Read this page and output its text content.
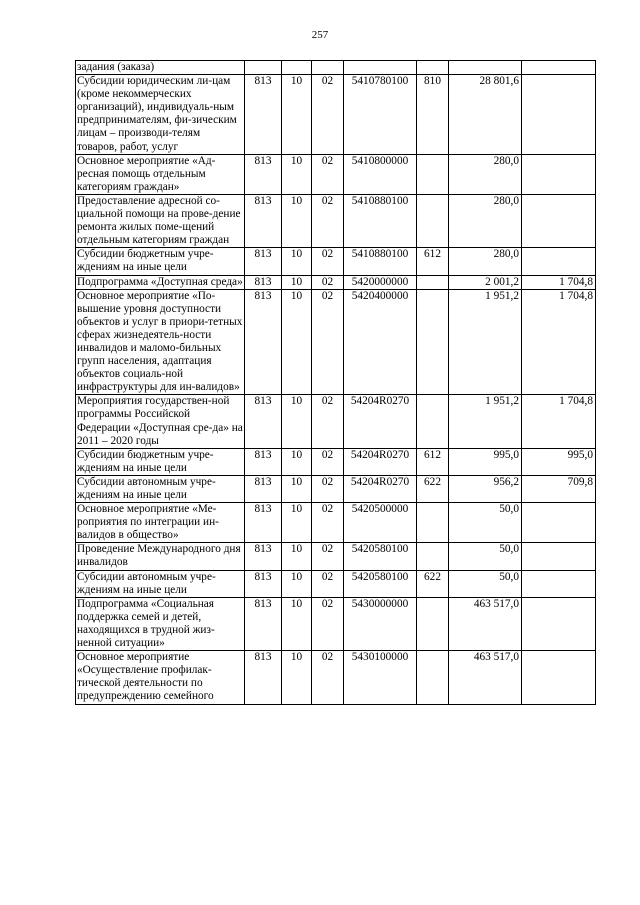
257
задания (заказа)							
Субсидии юридическим ли-цам (кроме некоммерческих организаций), индивидуаль-ным предпринимателям, фи-зическим лицам – производи-телям товаров, работ, услуг	813	10	02	5410780100	810	28 801,6	
Основное мероприятие «Ад-ресная помощь отдельным категориям граждан»	813	10	02	5410800000		280,0	
Предоставление адресной со-циальной помощи на прове-дение ремонта жилых поме-щений отдельным категориям граждан	813	10	02	5410880100		280,0	
Субсидии бюджетным учре-ждениям на иные цели	813	10	02	5410880100	612	280,0	
Подпрограмма «Доступная среда»	813	10	02	5420000000		2 001,2	1 704,8
Основное мероприятие «По-вышение уровня доступности объектов и услуг в приори-тетных сферах жизнедеятель-ности инвалидов и маломо-бильных групп населения, адаптация объектов социаль-ной инфраструктуры для ин-валидов»	813	10	02	5420400000		1 951,2	1 704,8
Мероприятия государствен-ной программы Российской Федерации «Доступная сре-да» на 2011 – 2020 годы	813	10	02	54204R0270		1 951,2	1 704,8
Субсидии бюджетным учре-ждениям на иные цели	813	10	02	54204R0270	612	995,0	995,0
Субсидии автономным учре-ждениям на иные цели	813	10	02	54204R0270	622	956,2	709,8
Основное мероприятие «Ме-роприятия по интеграции ин-валидов в общество»	813	10	02	5420500000		50,0	
Проведение Международного дня инвалидов	813	10	02	5420580100		50,0	
Субсидии автономным учре-ждениям на иные цели	813	10	02	5420580100	622	50,0	
Подпрограмма «Социальная поддержка семей и детей, находящихся в трудной жиз-ненной ситуации»	813	10	02	5430000000		463 517,0	
Основное мероприятие «Осуществление профилак-тической деятельности по предупреждению семейного	813	10	02	5430100000		463 517,0	
